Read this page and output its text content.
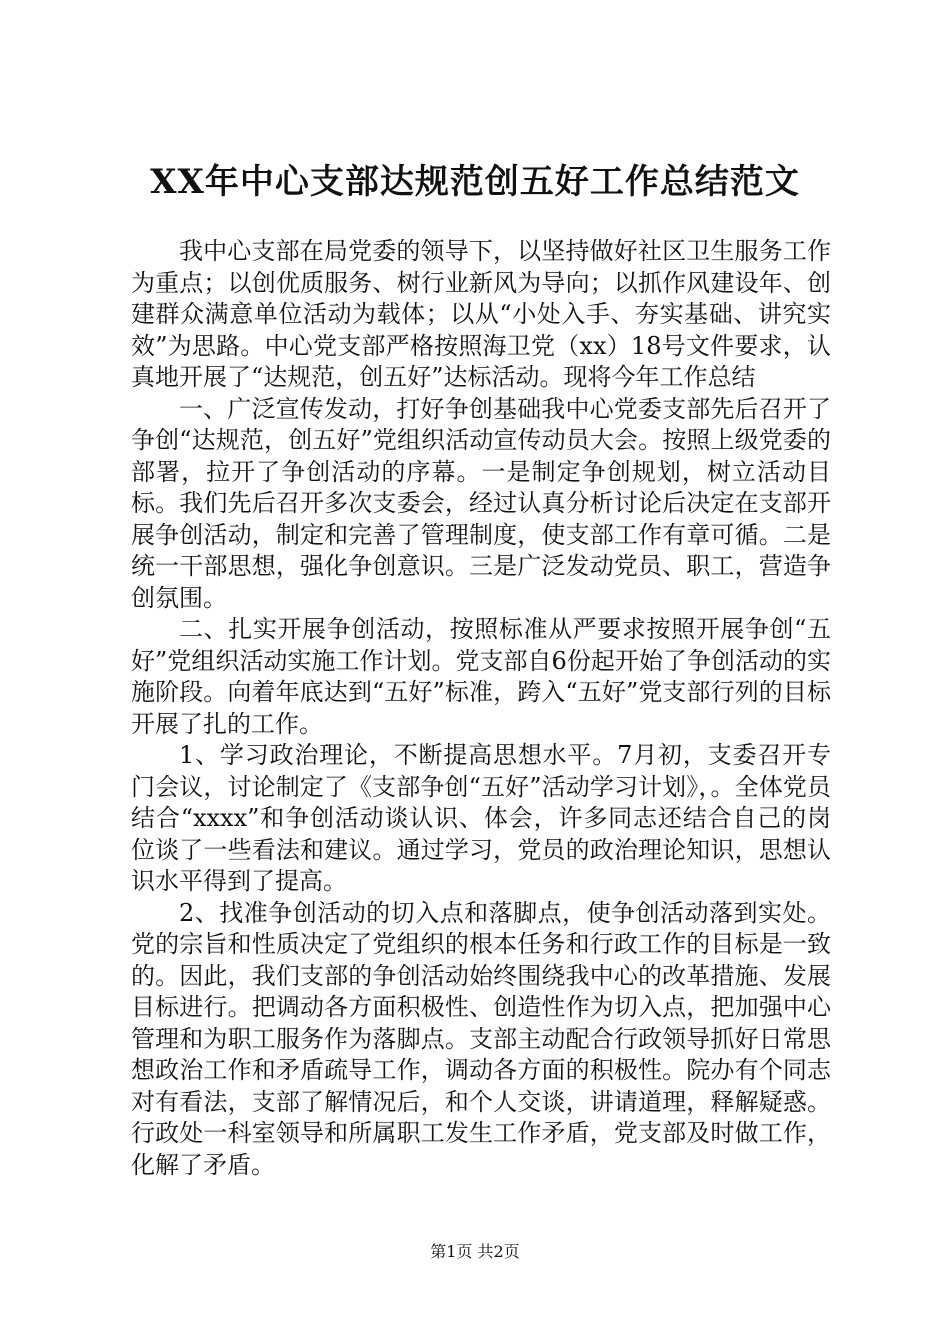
XX年中心支部达规范创五好工作总结范文

我中心支部在局党委的领导下，以坚持做好社区卫生服务工作为重点；以创优质服务、树行业新风为导向；以抓作风建设年、创建群众满意单位活动为载体；以从“小处入手、夯实基础、讲究实效”为思路。中心党支部严格按照海卫党（xx）18号文件要求，认真地开展了“达规范，创五好”达标活动。现将今年工作总结

一、广泛宣传发动，打好争创基础我中心党委支部先后召开了争创“达规范，创五好”党组织活动宣传动员大会。按照上级党委的部署，拉开了争创活动的序幕。一是制定争创规划，树立活动目标。我们先后召开多次支委会，经过认真分析讨论后决定在支部开展争创活动，制定和完善了管理制度，使支部工作有章可循。二是统一干部思想，强化争创意识。三是广泛发动党员、职工，营造争创氛围。

二、扎实开展争创活动，按照标准从严要求按照开展争创“五好”党组织活动实施工作计划。党支部自6份起开始了争创活动的实施阶段。向着年底达到“五好”标准，跨入“五好”党支部行列的目标开展了扎的工作。

1、学习政治理论，不断提高思想水平。7月初，支委召开专门会议，讨论制定了《支部争创“五好”活动学习计划》，。全体党员结合“xxxx”和争创活动谈认识、体会，许多同志还结合自己的岗位谈了一些看法和建议。通过学习，党员的政治理论知识，思想认识水平得到了提高。

2、找准争创活动的切入点和落脚点，使争创活动落到实处。党的宗旨和性质决定了党组织的根本任务和行政工作的目标是一致的。因此，我们支部的争创活动始终围绕我中心的改革措施、发展目标进行。把调动各方面积极性、创造性作为切入点，把加强中心管理和为职工服务作为落脚点。支部主动配合行政领导抓好日常思想政治工作和矛盾疏导工作，调动各方面的积极性。院办有个同志对有看法，支部了解情况后，和个人交谈，讲请道理，释解疑惑。行政处一科室领导和所属职工发生工作矛盾，党支部及时做工作，化解了矛盾。

第1页 共2页
